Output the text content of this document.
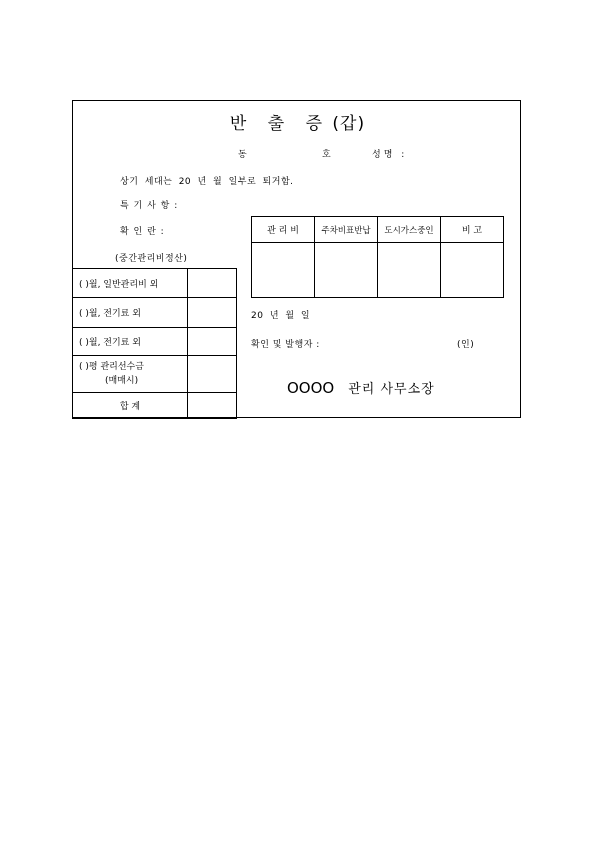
반 출 증 (갑)
동	호	성명 :
상기 세대는 20 년 월 일부로 퇴거함.
특 기 사 항 :
확 인 란 :
(중간관리비정산)
( )월, 일반관리비 외	
( )월, 전기료 외	
( )월, 전기료 외	

( )평 관리선수금
(매매시)	

합 계	
관 리 비	주차비표반납	도시가스중인	비 고

20 년 월 일
확인 및 발행자 :	(인)
OOOO 관리 사무소장
